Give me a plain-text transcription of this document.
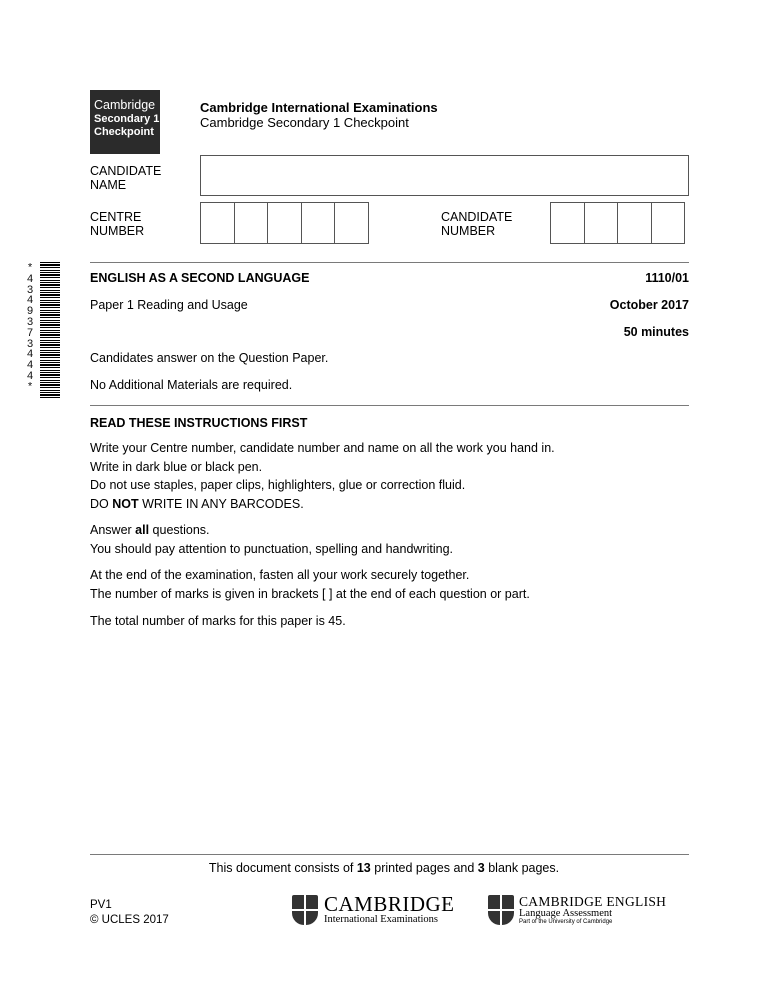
Cambridge
Secondary 1
Checkpoint
Cambridge International Examinations
Cambridge Secondary 1 Checkpoint
CANDIDATE
NAME
CENTRE
NUMBER
CANDIDATE
NUMBER
*
4
3
4
9
3
7
3
4
4
4
*
ENGLISH AS A SECOND LANGUAGE	1110/01
Paper 1 Reading and Usage	October 2017
50 minutes
Candidates answer on the Question Paper.
No Additional Materials are required.
READ THESE INSTRUCTIONS FIRST

Write your Centre number, candidate number and name on all the work you hand in.

Write in dark blue or black pen.

Do not use staples, paper clips, highlighters, glue or correction fluid.

DO NOT WRITE IN ANY BARCODES.

Answer all questions.

You should pay attention to punctuation, spelling and handwriting.

At the end of the examination, fasten all your work securely together.

The number of marks is given in brackets [ ] at the end of each question or part.

The total number of marks for this paper is 45.

This document consists of 13 printed pages and 3 blank pages.
PV1
© UCLES 2017
CAMBRIDGE
International Examinations
CAMBRIDGE ENGLISH
Language Assessment
Part of the University of Cambridge
